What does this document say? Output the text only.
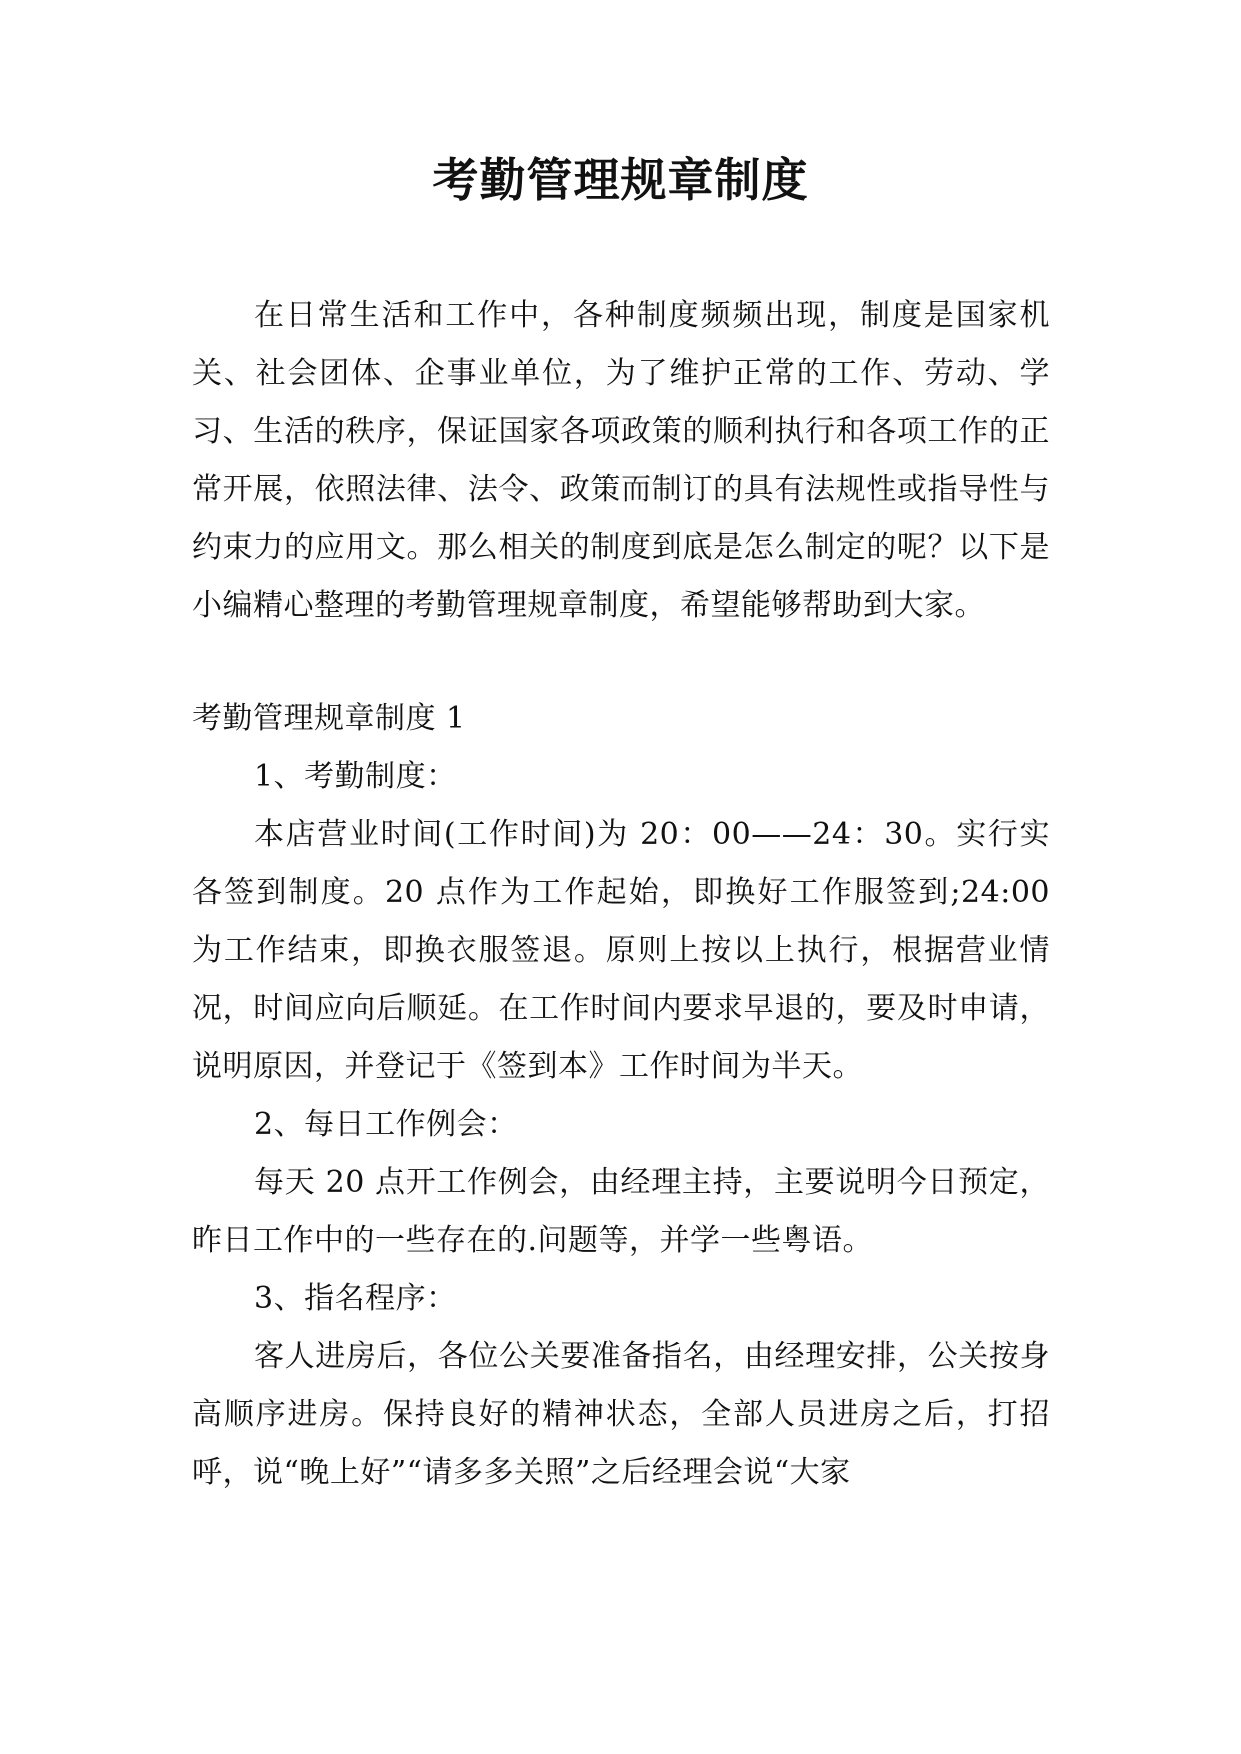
考勤管理规章制度

在日常生活和工作中，各种制度频频出现，制度是国家机关、社会团体、企事业单位，为了维护正常的工作、劳动、学习、生活的秩序，保证国家各项政策的顺利执行和各项工作的正常开展，依照法律、法令、政策而制订的具有法规性或指导性与约束力的应用文。那么相关的制度到底是怎么制定的呢？以下是小编精心整理的考勤管理规章制度，希望能够帮助到大家。

考勤管理规章制度 1

1、考勤制度：

本店营业时间(工作时间)为 20：00——24：30。实行实各签到制度。20 点作为工作起始，即换好工作服签到;24:00 为工作结束，即换衣服签退。原则上按以上执行，根据营业情况，时间应向后顺延。在工作时间内要求早退的，要及时申请，说明原因，并登记于《签到本》工作时间为半天。

2、每日工作例会：

每天 20 点开工作例会，由经理主持，主要说明今日预定，昨日工作中的一些存在的.问题等，并学一些粤语。

3、指名程序：

客人进房后，各位公关要准备指名，由经理安排，公关按身高顺序进房。保持良好的精神状态，全部人员进房之后，打招呼，说“晚上好”“请多多关照”之后经理会说“大家
